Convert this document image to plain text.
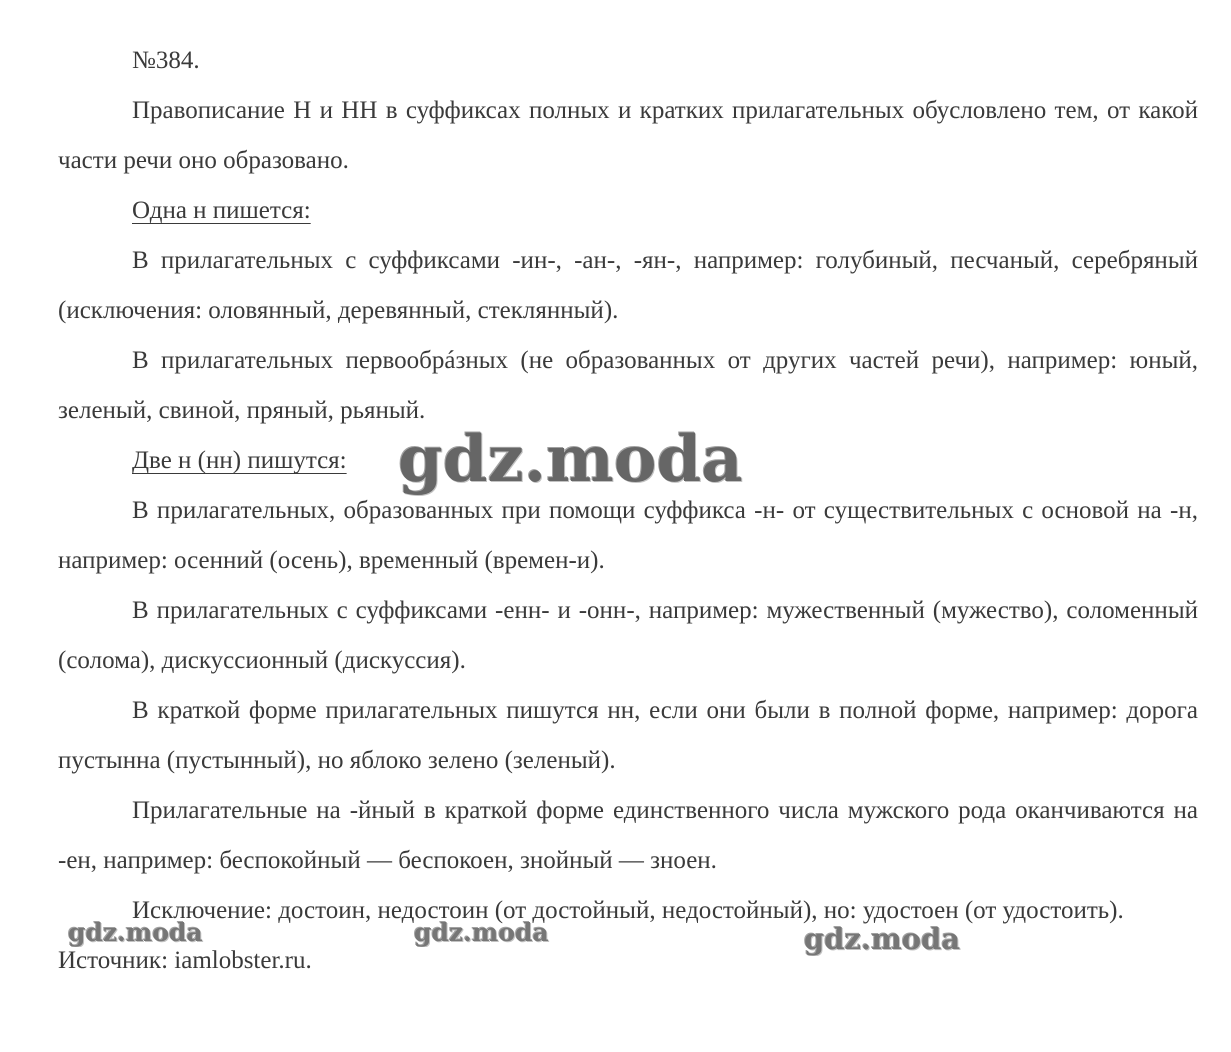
№384.

Правописание Н и НН в суффиксах полных и кратких прилагательных обусловлено тем, от какой части речи оно образовано.

Одна н пишется:

В прилагательных с суффиксами -ин-, -ан-, -ян-, например: голубиный, песчаный, серебряный (исключения: оловянный, деревянный, стеклянный).

В прилагательных первообрáзных (не образованных от других частей речи), например: юный, зеленый, свиной, пряный, рьяный.

Две н (нн) пишутся:

В прилагательных, образованных при помощи суффикса -н- от существительных с основой на -н, например: осенний (осень), временный (времен-и).

В прилагательных с суффиксами -енн- и -онн-, например: мужественный (мужество), соломенный (солома), дискуссионный (дискуссия).

В краткой форме прилагательных пишутся нн, если они были в полной форме, например: дорога пустынна (пустынный), но яблоко зелено (зеленый).

Прилагательные на -йный в краткой форме единственного числа мужского рода оканчиваются на -ен, например: беспокойный — беспокоен, знойный — зноен.

Исключение: достоин, недостоин (от достойный, недостойный), но: удостоен (от удостоить). Источник: iamlobster.ru.

gdz.moda
gdz.moda	gdz.moda	gdz.moda
